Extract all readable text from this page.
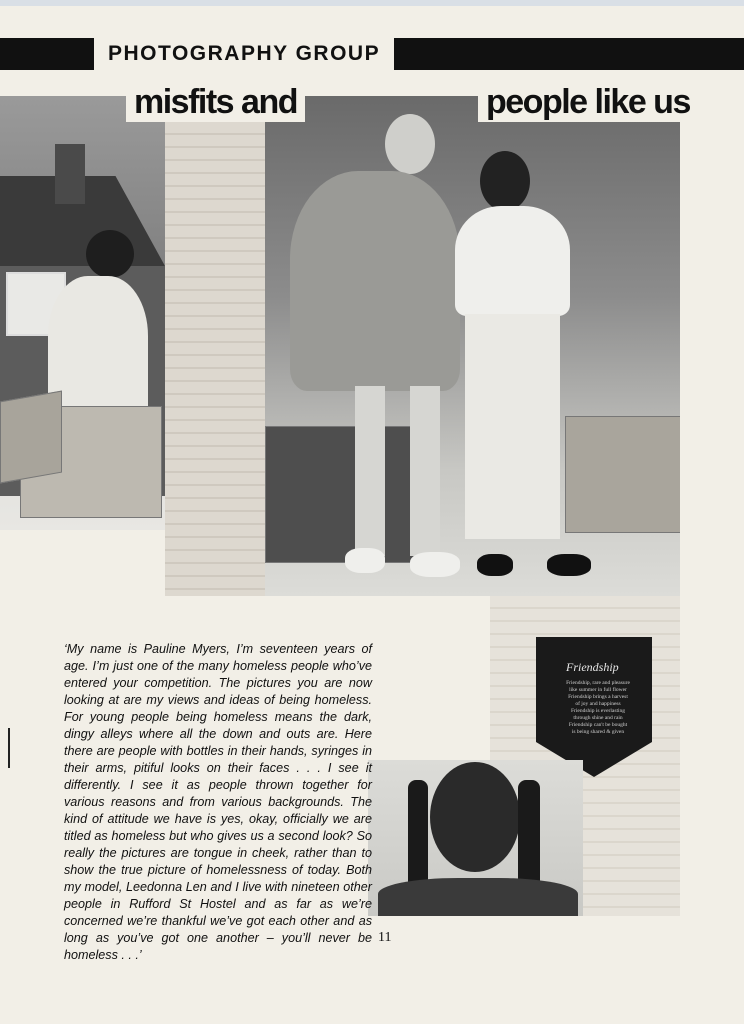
PHOTOGRAPHY GROUP
misfits and	people like us
Friendship
Friendship, rare and pleasure
like summer in full flower
Friendship brings a harvest
of joy and happiness
Friendship is everlasting
through shine and rain
Friendship can't be bought
is being shared & given
‘My name is Pauline Myers, I’m seventeen years of age. I’m just one of the many homeless people who’ve entered your competition. The pictures you are now looking at are my views and ideas of being homeless. For young people being homeless means the dark, dingy alleys where all the down and outs are. Here there are people with bottles in their hands, syringes in their arms, pitiful looks on their faces . . . I see it differently. I see it as people thrown together for various reasons and from various backgrounds. The kind of attitude we have is yes, okay, officially we are titled as homeless but who gives us a second look? So really the pictures are tongue in cheek, rather than to show the true picture of homelessness of today. Both my model, Leedonna Len and I live with nineteen other people in Rufford St Hostel and as far as we’re concerned we’re thankful we’ve got each other and as long as you’ve got one another – you’ll never be homeless . . .’
11
